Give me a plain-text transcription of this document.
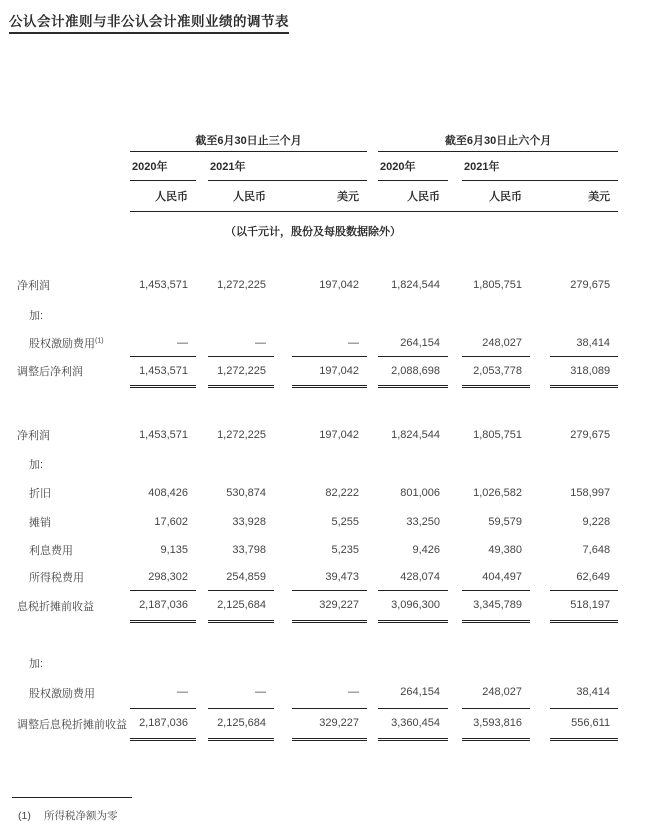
公认会计准则与非公认会计准则业绩的调节表
	截至6月30日止三个月						截至6月30日止六个月				
	2020年		2021年				2020年		2021年		
	人民币		人民币		美元		人民币		人民币		美元
（以千元计，股份及每股数据除外）											

净利润	1,453,571		1,272,225		197,042		1,824,544		1,805,751		279,675
加:											
股权激励费用$^{(1)}$	—		—		—		264,154		248,027		38,414
调整后净利润	1,453,571		1,272,225		197,042		2,088,698		2,053,778		318,089

净利润	1,453,571		1,272,225		197,042		1,824,544		1,805,751		279,675
加:											
折旧	408,426		530,874		82,222		801,006		1,026,582		158,997
摊销	17,602		33,928		5,255		33,250		59,579		9,228
利息费用	9,135		33,798		5,235		9,426		49,380		7,648
所得税费用	298,302		254,859		39,473		428,074		404,497		62,649
息税折摊前收益	2,187,036		2,125,684		329,227		3,096,300		3,345,789		518,197

加:											
股权激励费用	—		—		—		264,154		248,027		38,414
调整后息税折摊前收益	2,187,036		2,125,684		329,227		3,360,454		3,593,816		556,611
(1) 所得税净额为零
